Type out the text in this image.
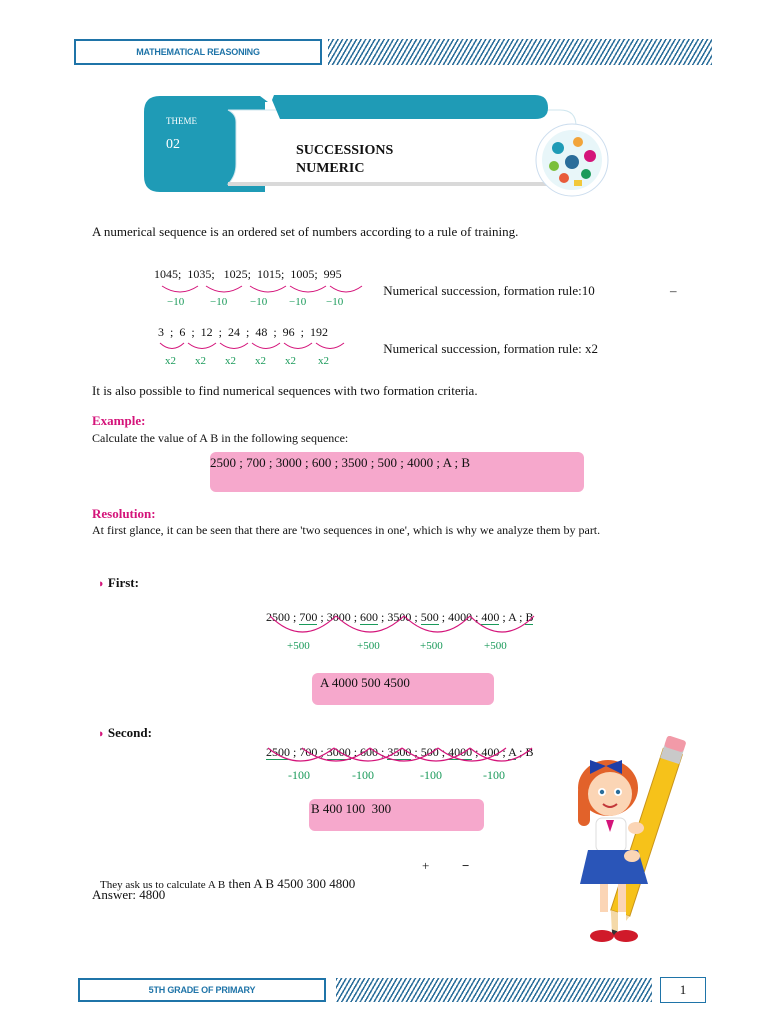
MATHEMATICAL REASONING
THEME
02	SUCCESSIONS
NUMERIC
A numerical sequence is an ordered set of numbers according to a rule of training.
1045;  1035;   1025;  1015;  1005;  995
−10 −10 −10 −10 −10
Numerical succession, formation rule:10	–
3  ;  6  ;  12  ;  24  ;  48  ;  96  ;  192
x2 x2 x2 x2 x2 x2
Numerical succession, formation rule: x2
It is also possible to find numerical sequences with two formation criteria.
Example:
Calculate the value of A B in the following sequence:
2500 ; 700 ; 3000 ; 600 ; 3500 ; 500 ; 4000 ; A ; B
Resolution:
At first glance, it can be seen that there are 'two sequences in one', which is why we analyze them by part.
◗ First:

2500 ; 700 ; 3000 ; 600 ; 3500 ; 500 ; 4000 ; 400 ; A ; B

+500	+500	+500	+500
A 4000 500 4500
◗ Second:

2500 ; 700 ; 3000 ; 600 ; 3500 ; 500 ; 4000 ; 400 ; A ; B

-100	-100	-100	-100
B 400 100  300

They ask us to calculate A B then A B 4500 300 4800

+	−
Answer: 4800
5TH GRADE OF PRIMARY	1
